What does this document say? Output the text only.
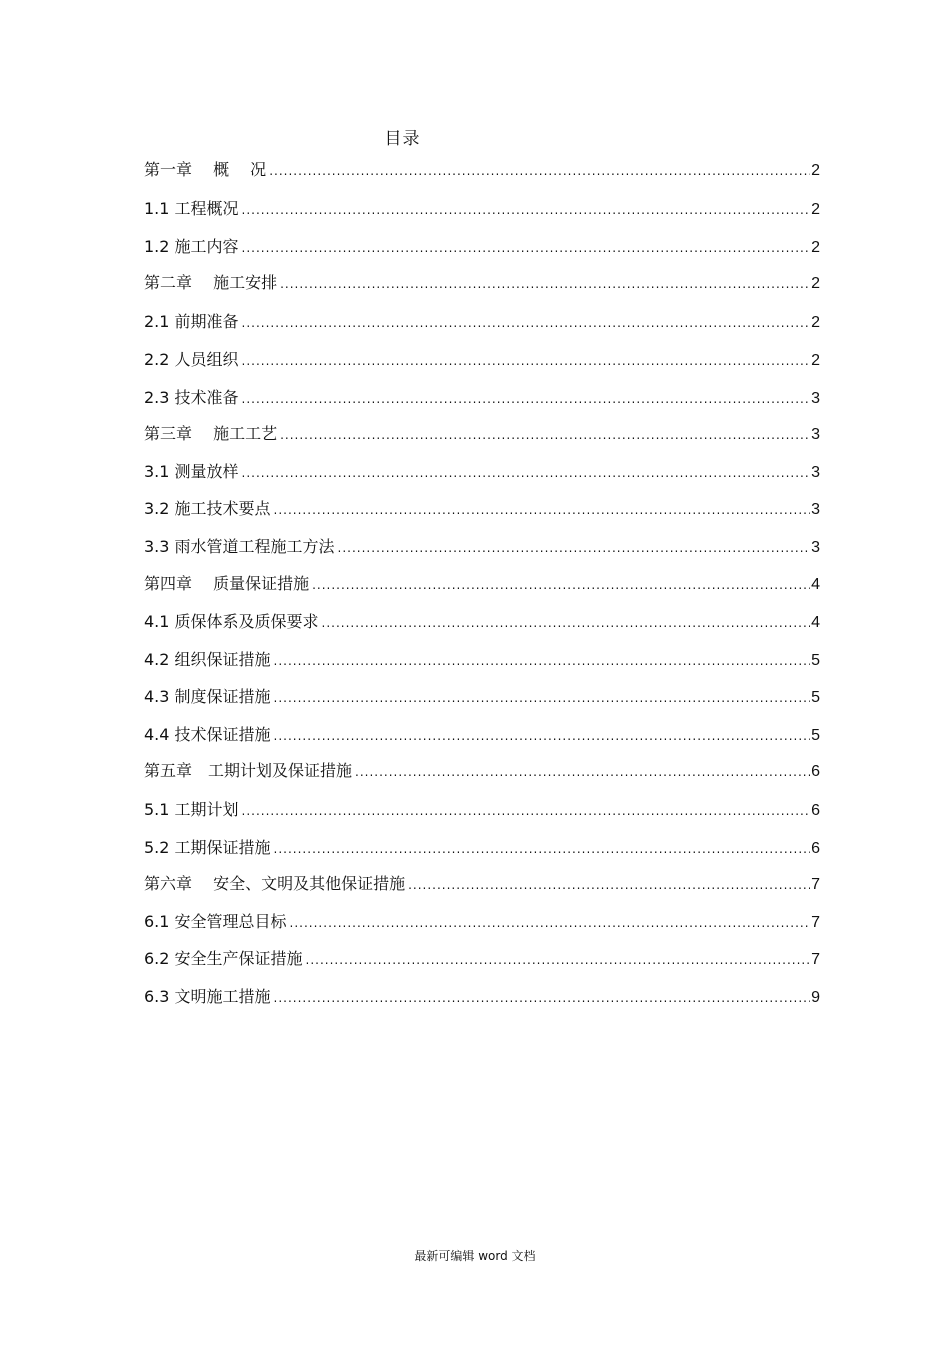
目录
第一章　 概　 况 .....	2
1.1 工程概况 .....	2
1.2 施工内容 .....	2
第二章　 施工安排 .....	2
2.1 前期准备 .....	2
2.2 人员组织 .....	2
2.3 技术准备 .....	3
第三章　 施工工艺 .....	3
3.1 测量放样 .....	3
3.2 施工技术要点 .....	3
3.3 雨水管道工程施工方法 .....	3
第四章　 质量保证措施 .....	4
4.1 质保体系及质保要求 .....	4
4.2 组织保证措施 .....	5
4.3 制度保证措施 .....	5
4.4 技术保证措施 .....	5
第五章　工期计划及保证措施 .....	6
5.1 工期计划 .....	6
5.2 工期保证措施 .....	6
第六章　 安全、文明及其他保证措施 .....	7
6.1 安全管理总目标 .....	7
6.2 安全生产保证措施 .....	7
6.3 文明施工措施 .....	9
最新可编辑 word 文档
